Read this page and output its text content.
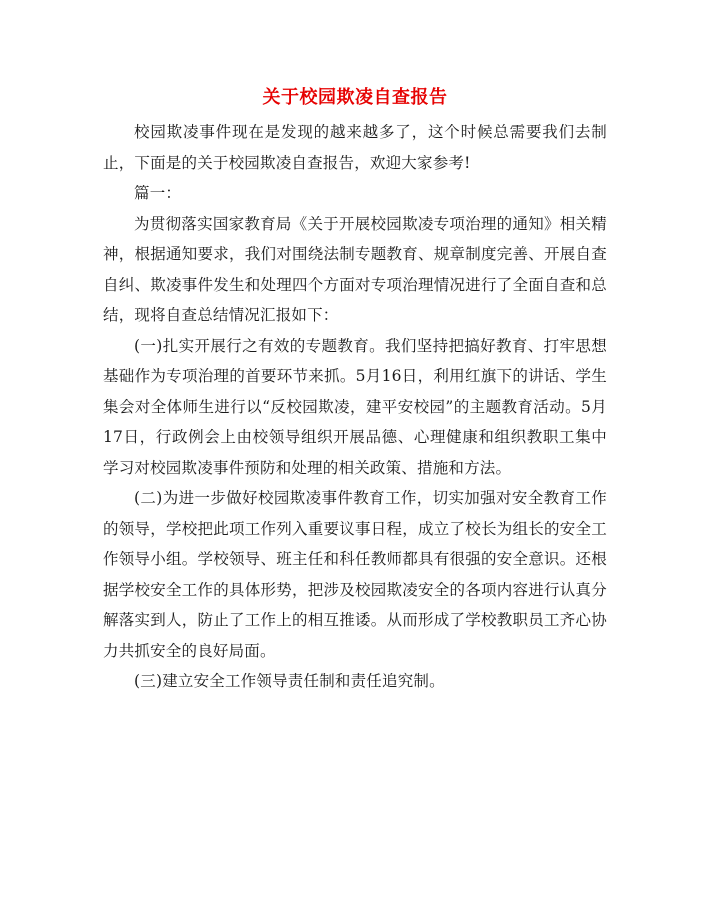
关于校园欺凌自查报告

校园欺凌事件现在是发现的越来越多了，这个时候总需要我们去制止，下面是的关于校园欺凌自查报告，欢迎大家参考!

篇一：

为贯彻落实国家教育局《关于开展校园欺凌专项治理的通知》相关精神，根据通知要求，我们对围绕法制专题教育、规章制度完善、开展自查自纠、欺凌事件发生和处理四个方面对专项治理情况进行了全面自查和总结，现将自查总结情况汇报如下：

(一)扎实开展行之有效的专题教育。我们坚持把搞好教育、打牢思想基础作为专项治理的首要环节来抓。5月16日，利用红旗下的讲话、学生集会对全体师生进行以“反校园欺凌，建平安校园”的主题教育活动。5月17日，行政例会上由校领导组织开展品德、心理健康和组织教职工集中学习对校园欺凌事件预防和处理的相关政策、措施和方法。

(二)为进一步做好校园欺凌事件教育工作，切实加强对安全教育工作的领导，学校把此项工作列入重要议事日程，成立了校长为组长的安全工作领导小组。学校领导、班主任和科任教师都具有很强的安全意识。还根据学校安全工作的具体形势，把涉及校园欺凌安全的各项内容进行认真分解落实到人，防止了工作上的相互推诿。从而形成了学校教职员工齐心协力共抓安全的良好局面。

(三)建立安全工作领导责任制和责任追究制。
